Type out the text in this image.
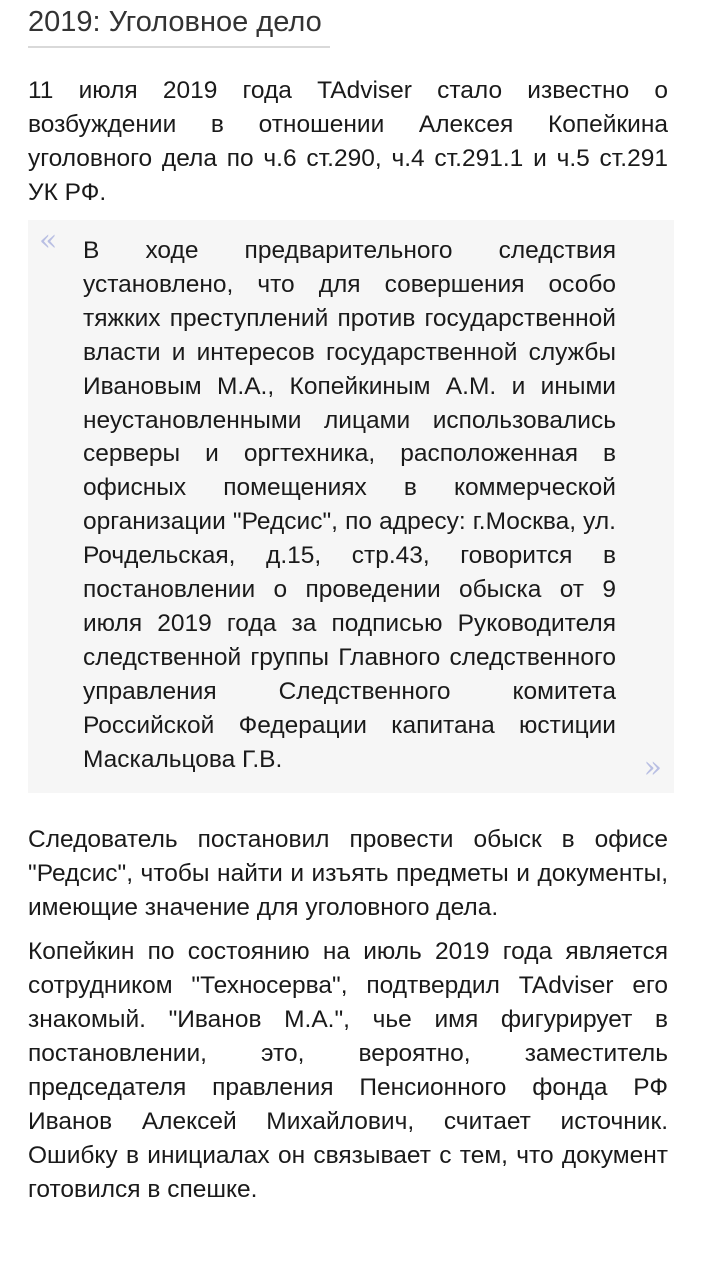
2019: Уголовное дело

11 июля 2019 года TAdviser стало известно о возбуждении в отношении Алексея Копейкина уголовного дела по ч.6 ст.290, ч.4 ст.291.1 и ч.5 ст.291 УК РФ.

« В ходе предварительного следствия установлено, что для совершения особо тяжких преступлений против государственной власти и интересов государственной службы Ивановым М.А., Копейкиным А.М. и иными неустановленными лицами использовались серверы и оргтехника, расположенная в офисных помещениях в коммерческой организации "Редсис", по адресу: г.Москва, ул. Рочдельская, д.15, стр.43, говорится в постановлении о проведении обыска от 9 июля 2019 года за подписью Руководителя следственной группы Главного следственного управления Следственного комитета Российской Федерации капитана юстиции Маскальцова Г.В.	»

Следователь постановил провести обыск в офисе "Редсис", чтобы найти и изъять предметы и документы, имеющие значение для уголовного дела.

Копейкин по состоянию на июль 2019 года является сотрудником "Техносерва", подтвердил TAdviser его знакомый. "Иванов М.А.", чье имя фигурирует в постановлении, это, вероятно, заместитель председателя правления Пенсионного фонда РФ Иванов Алексей Михайлович, считает источник. Ошибку в инициалах он связывает с тем, что документ готовился в спешке.
